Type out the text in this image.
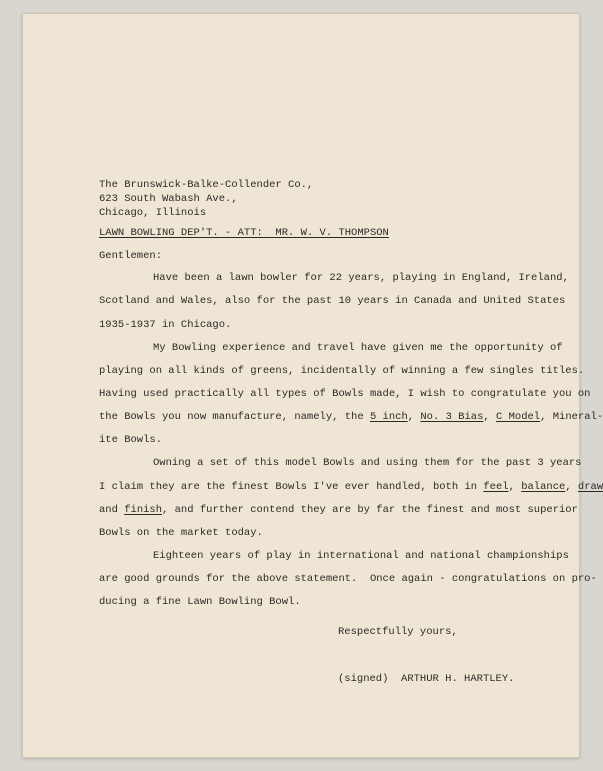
The Brunswick-Balke-Collender Co.,
623 South Wabash Ave.,
Chicago, Illinois
LAWN BOWLING DEP'T. - ATT:  MR. W. V. THOMPSON
Gentlemen:
Have been a lawn bowler for 22 years, playing in England, Ireland,
Scotland and Wales, also for the past 10 years in Canada and United States
1935-1937 in Chicago.
My Bowling experience and travel have given me the opportunity of
playing on all kinds of greens, incidentally of winning a few singles titles.
Having used practically all types of Bowls made, I wish to congratulate you on
the Bowls you now manufacture, namely, the 5 inch, No. 3 Bias, C Model, Mineral-
ite Bowls.
Owning a set of this model Bowls and using them for the past 3 years
I claim they are the finest Bowls I've ever handled, both in feel, balance, draw
and finish, and further contend they are by far the finest and most superior
Bowls on the market today.
Eighteen years of play in international and national championships
are good grounds for the above statement.  Once again - congratulations on pro-
ducing a fine Lawn Bowling Bowl.
Respectfully yours,
(signed) ARTHUR H. HARTLEY.
